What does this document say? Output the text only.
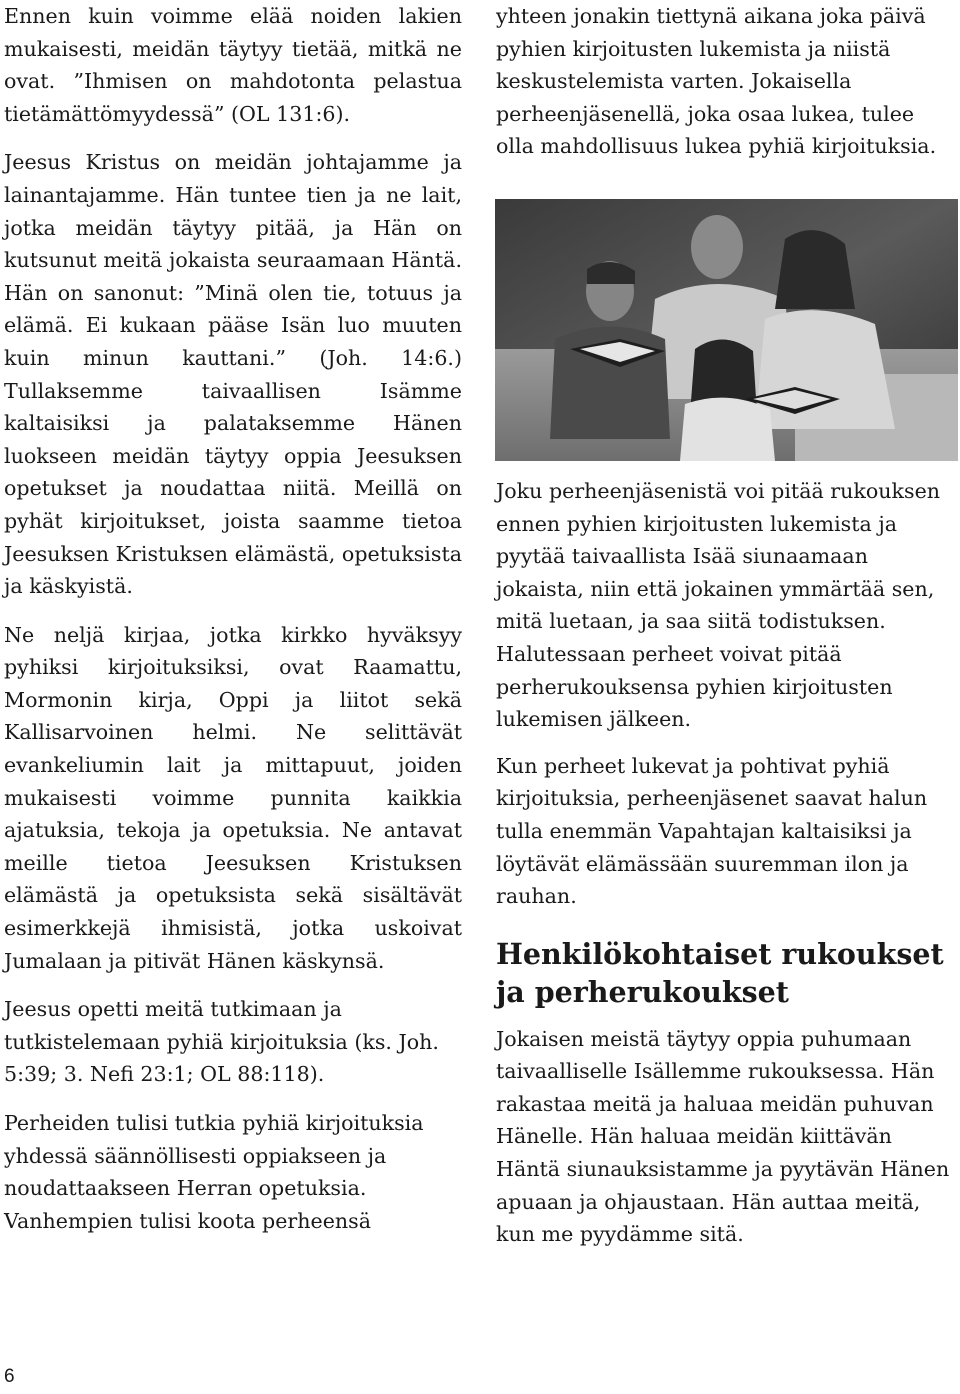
Ennen kuin voimme elää noiden lakien mukaisesti, meidän täytyy tietää, mitkä ne ovat. ”Ihmisen on mahdotonta pelastua tietämättömyydessä” (OL 131:6).

Jeesus Kristus on meidän johtajamme ja lainantajamme. Hän tuntee tien ja ne lait, jotka meidän täytyy pitää, ja Hän on kutsunut meitä jokaista seuraamaan Häntä. Hän on sanonut: ”Minä olen tie, totuus ja elämä. Ei kukaan pääse Isän luo muuten kuin minun kauttani.” (Joh. 14:6.) Tullaksemme taivaallisen Isämme kaltaisiksi ja palataksemme Hänen luokseen meidän täytyy oppia Jeesuksen opetukset ja noudattaa niitä. Meillä on pyhät kirjoitukset, joista saamme tietoa Jeesuksen Kristuksen elämästä, opetuksista ja käskyistä.

Ne neljä kirjaa, jotka kirkko hyväksyy pyhiksi kirjoituksiksi, ovat Raamattu, Mormonin kirja, Oppi ja liitot sekä Kallisarvoinen helmi. Ne selittävät evankeliumin lait ja mittapuut, joiden mukaisesti voimme punnita kaikkia ajatuksia, tekoja ja opetuksia. Ne antavat meille tietoa Jeesuksen Kristuksen elämästä ja opetuksista sekä sisältävät esimerkkejä ihmisistä, jotka uskoivat Jumalaan ja pitivät Hänen käskynsä.

Jeesus opetti meitä tutkimaan ja tutkistelemaan pyhiä kirjoituksia (ks. Joh. 5:39; 3. Nefi 23:1; OL 88:118).

Perheiden tulisi tutkia pyhiä kirjoituksia yhdessä säännöllisesti oppiakseen ja noudattaakseen Herran opetuksia. Vanhempien tulisi koota perheensä

yhteen jonakin tiettynä aikana joka päivä pyhien kirjoitusten lukemista ja niistä keskustelemista varten. Jokaisella perheenjäsenellä, joka osaa lukea, tulee olla mahdollisuus lukea pyhiä kirjoituksia.

Joku perheenjäsenistä voi pitää rukouksen ennen pyhien kirjoitusten lukemista ja pyytää taivaallista Isää siunaamaan jokaista, niin että jokainen ymmärtää sen, mitä luetaan, ja saa siitä todistuksen. Halutessaan perheet voivat pitää perherukouksensa pyhien kirjoitusten lukemisen jälkeen.

Kun perheet lukevat ja pohtivat pyhiä kirjoituksia, perheenjäsenet saavat halun tulla enemmän Vapahtajan kaltaisiksi ja löytävät elämässään suuremman ilon ja rauhan.

Henkilökohtaiset rukoukset ja perherukoukset

Jokaisen meistä täytyy oppia puhumaan taivaalliselle Isällemme rukouksessa. Hän rakastaa meitä ja haluaa meidän puhuvan Hänelle. Hän haluaa meidän kiittävän Häntä siunauksistamme ja pyytävän Hänen apuaan ja ohjaustaan. Hän auttaa meitä, kun me pyydämme sitä.

6
